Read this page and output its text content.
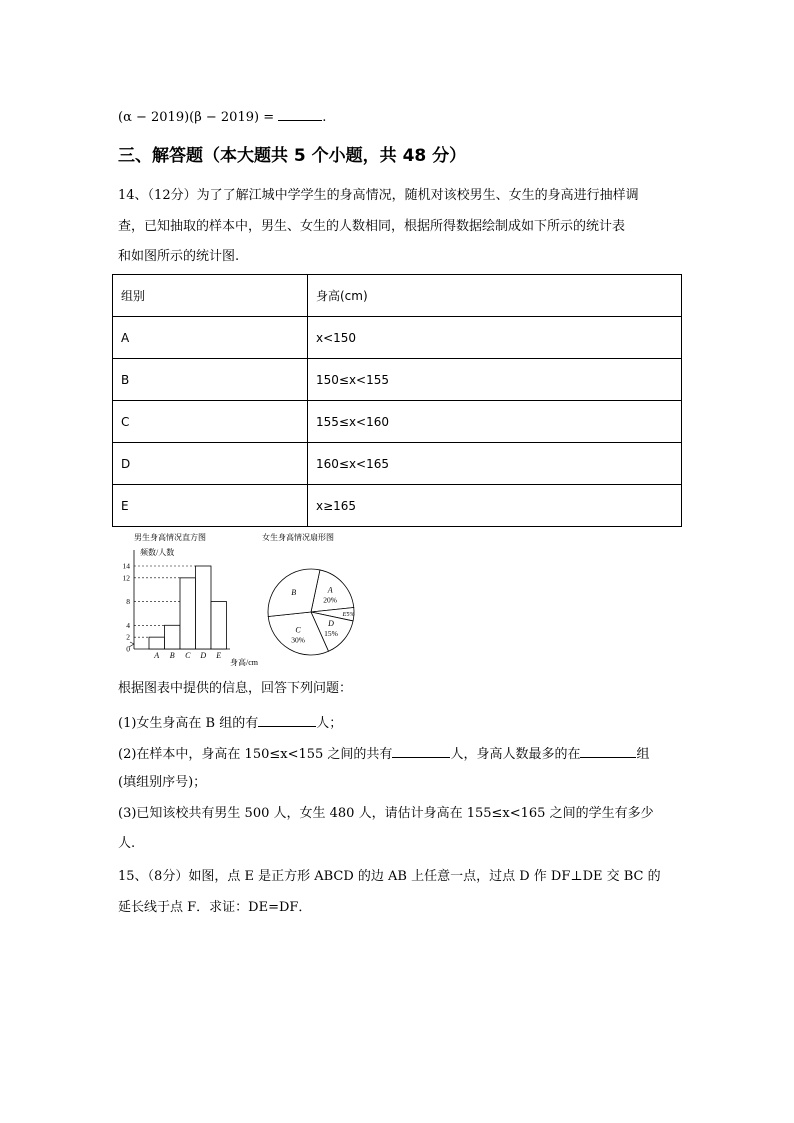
(α − 2019)(β − 2019) =	.
三、解答题（本大题共 5 个小题，共 48 分）
14、（12分）为了了解江城中学学生的身高情况，随机对该校男生、女生的身高进行抽样调
查，已知抽取的样本中，男生、女生的人数相同，根据所得数据绘制成如下所示的统计表
和如图所示的统计图.
组别	身高(cm)
A	x<150
B	150≤x<155
C	155≤x<160
D	160≤x<165
E	x≥165
男生身高情况直方图
频数/人数
身高/cm
0
2
4
8
12
14
A B C D E
女生身高情况扇形图
A
20%
E 5%
D
15%
C
30%
B
根据图表中提供的信息，回答下列问题：
(1)女生身高在 B 组的有	人；
(2)在样本中，身高在 150≤x<155 之间的共有	人，身高人数最多的在	组
(填组别序号)；
(3)已知该校共有男生 500 人，女生 480 人，请估计身高在 155≤x<165 之间的学生有多少
人.
15、（8分）如图，点 E 是正方形 ABCD 的边 AB 上任意一点，过点 D 作 DF⊥DE 交 BC 的
延长线于点 F．求证：DE=DF．
